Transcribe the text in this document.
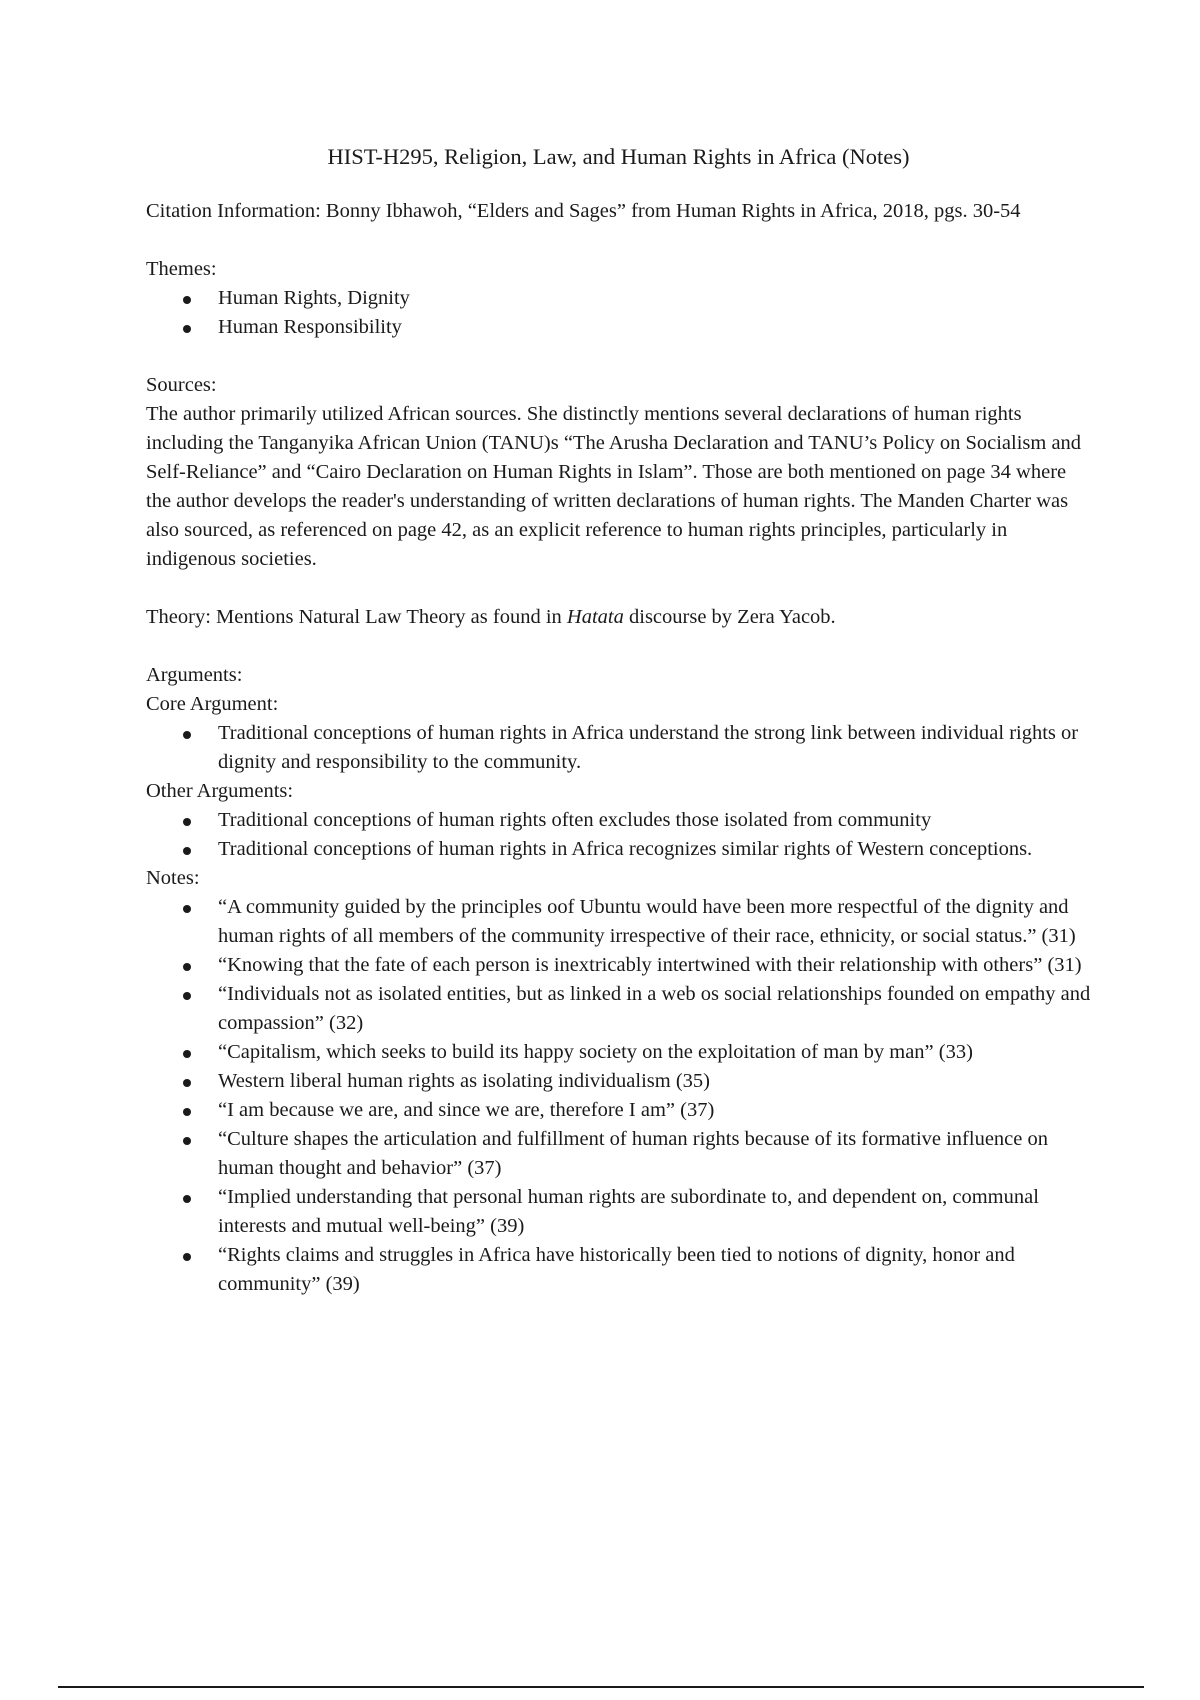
HIST-H295, Religion, Law, and Human Rights in Africa (Notes)

Citation Information: Bonny Ibhawoh, “Elders and Sages” from Human Rights in Africa, 2018, pgs. 30-54

Themes:

Human Rights, Dignity
Human Responsibility

Sources:

The author primarily utilized African sources. She distinctly mentions several declarations of human rights including the Tanganyika African Union (TANU)s “The Arusha Declaration and TANU’s Policy on Socialism and Self-Reliance” and “Cairo Declaration on Human Rights in Islam”. Those are both mentioned on page 34 where the author develops the reader's understanding of written declarations of human rights. The Manden Charter was also sourced, as referenced on page 42, as an explicit reference to human rights principles, particularly in indigenous societies.

Theory: Mentions Natural Law Theory as found in Hatata discourse by Zera Yacob.

Arguments:

Core Argument:

Traditional conceptions of human rights in Africa understand the strong link between individual rights or dignity and responsibility to the community.

Other Arguments:

Traditional conceptions of human rights often excludes those isolated from community
Traditional conceptions of human rights in Africa recognizes similar rights of Western conceptions.

Notes:

“A community guided by the principles oof Ubuntu would have been more respectful of the dignity and human rights of all members of the community irrespective of their race, ethnicity, or social status.” (31)
“Knowing that the fate of each person is inextricably intertwined with their relationship with others” (31)
“Individuals not as isolated entities, but as linked in a web os social relationships founded on empathy and compassion” (32)
“Capitalism, which seeks to build its happy society on the exploitation of man by man” (33)
Western liberal human rights as isolating individualism (35)
“I am because we are, and since we are, therefore I am” (37)
“Culture shapes the articulation and fulfillment of human rights because of its formative influence on human thought and behavior” (37)
“Implied understanding that personal human rights are subordinate to, and dependent on, communal interests and mutual well-being” (39)
“Rights claims and struggles in Africa have historically been tied to notions of dignity, honor and community” (39)
